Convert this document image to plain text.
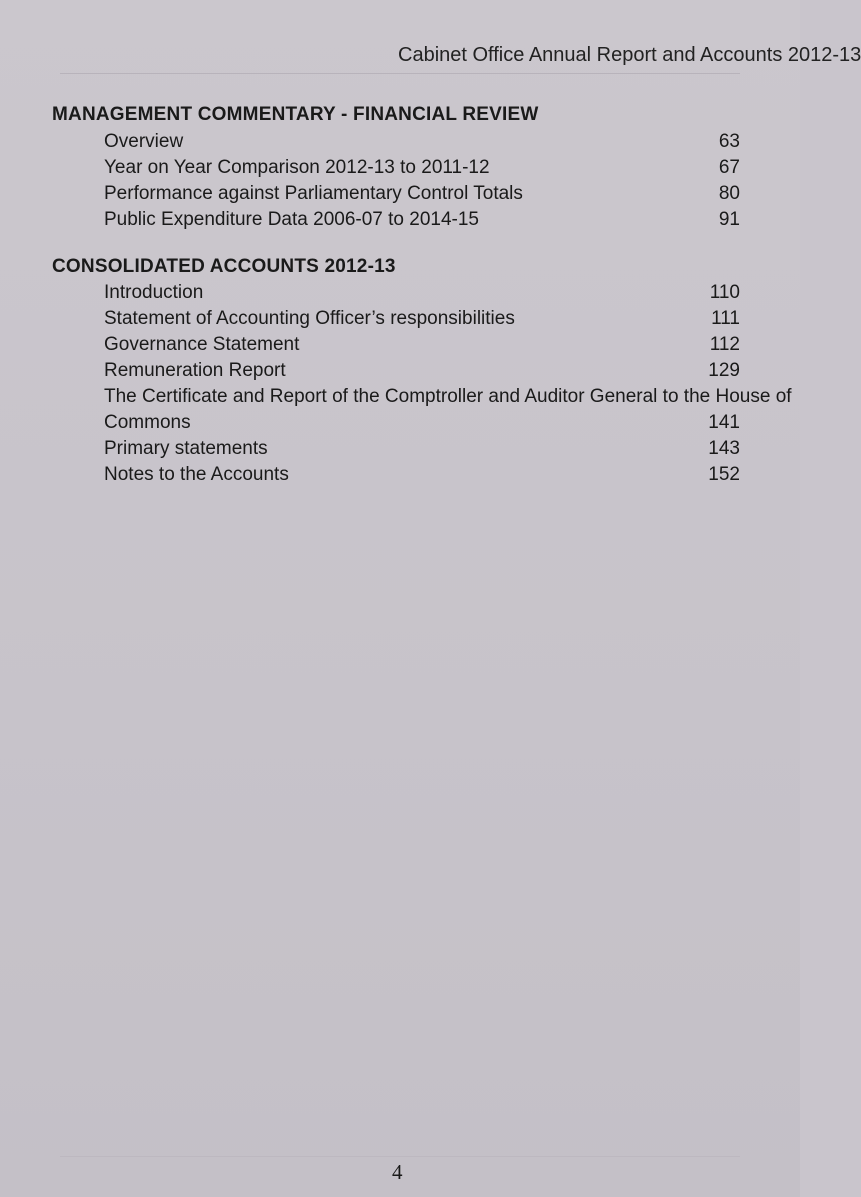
Cabinet Office Annual Report and Accounts 2012-13
MANAGEMENT COMMENTARY - FINANCIAL REVIEW
Overview	63
Year on Year Comparison 2012-13 to 2011-12	67
Performance against Parliamentary Control Totals	80
Public Expenditure Data 2006-07 to 2014-15	91
CONSOLIDATED ACCOUNTS 2012-13
Introduction	110
Statement of Accounting Officer’s responsibilities	111
Governance Statement	112
Remuneration Report	129
The Certificate and Report of the Comptroller and Auditor General to the House of
Commons	141
Primary statements	143
Notes to the Accounts	152
4
